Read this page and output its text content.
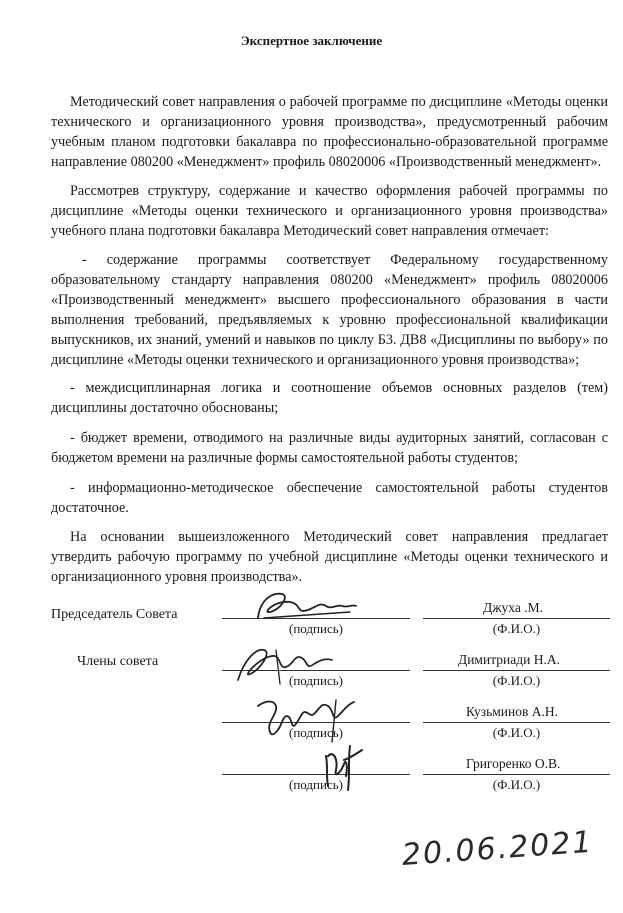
Экспертное заключение
Методический совет направления о рабочей программе по дисциплине «Методы оценки технического и организационного уровня производства», предусмотренный рабочим учебным планом подготовки бакалавра по профессионально-образовательной программе направление 080200 «Менеджмент» профиль 08020006 «Производственный менеджмент».
Рассмотрев структуру, содержание и качество оформления рабочей программы по дисциплине «Методы оценки технического и организационного уровня производства» учебного плана подготовки бакалавра Методический совет направления отмечает:
- содержание программы соответствует Федеральному государственному образовательному стандарту направления 080200 «Менеджмент» профиль 08020006 «Производственный менеджмент» высшего профессионального образования в части выполнения требований, предъявляемых к уровню профессиональной квалификации выпускников, их знаний, умений и навыков по циклу Б3. ДВ8 «Дисциплины по выбору» по дисциплине «Методы оценки технического и организационного уровня производства»;
- междисциплинарная логика и соотношение объемов основных разделов (тем) дисциплины достаточно обоснованы;
- бюджет времени, отводимого на различные виды аудиторных занятий, согласован с бюджетом времени на различные формы самостоятельной работы студентов;
- информационно-методическое обеспечение самостоятельной работы студентов достаточное.
На основании вышеизложенного Методический совет направления предлагает утвердить рабочую программу по учебной дисциплине «Методы оценки технического и организационного уровня производства».
Председатель Совета
(подпись)
Джуха .М.
(Ф.И.О.)
Члены совета
(подпись)
Димитриади Н.А.
(Ф.И.О.)
(подпись)
Кузьминов А.Н.
(Ф.И.О.)
(подпись)
Григоренко О.В.
(Ф.И.О.)
20.06.2021
